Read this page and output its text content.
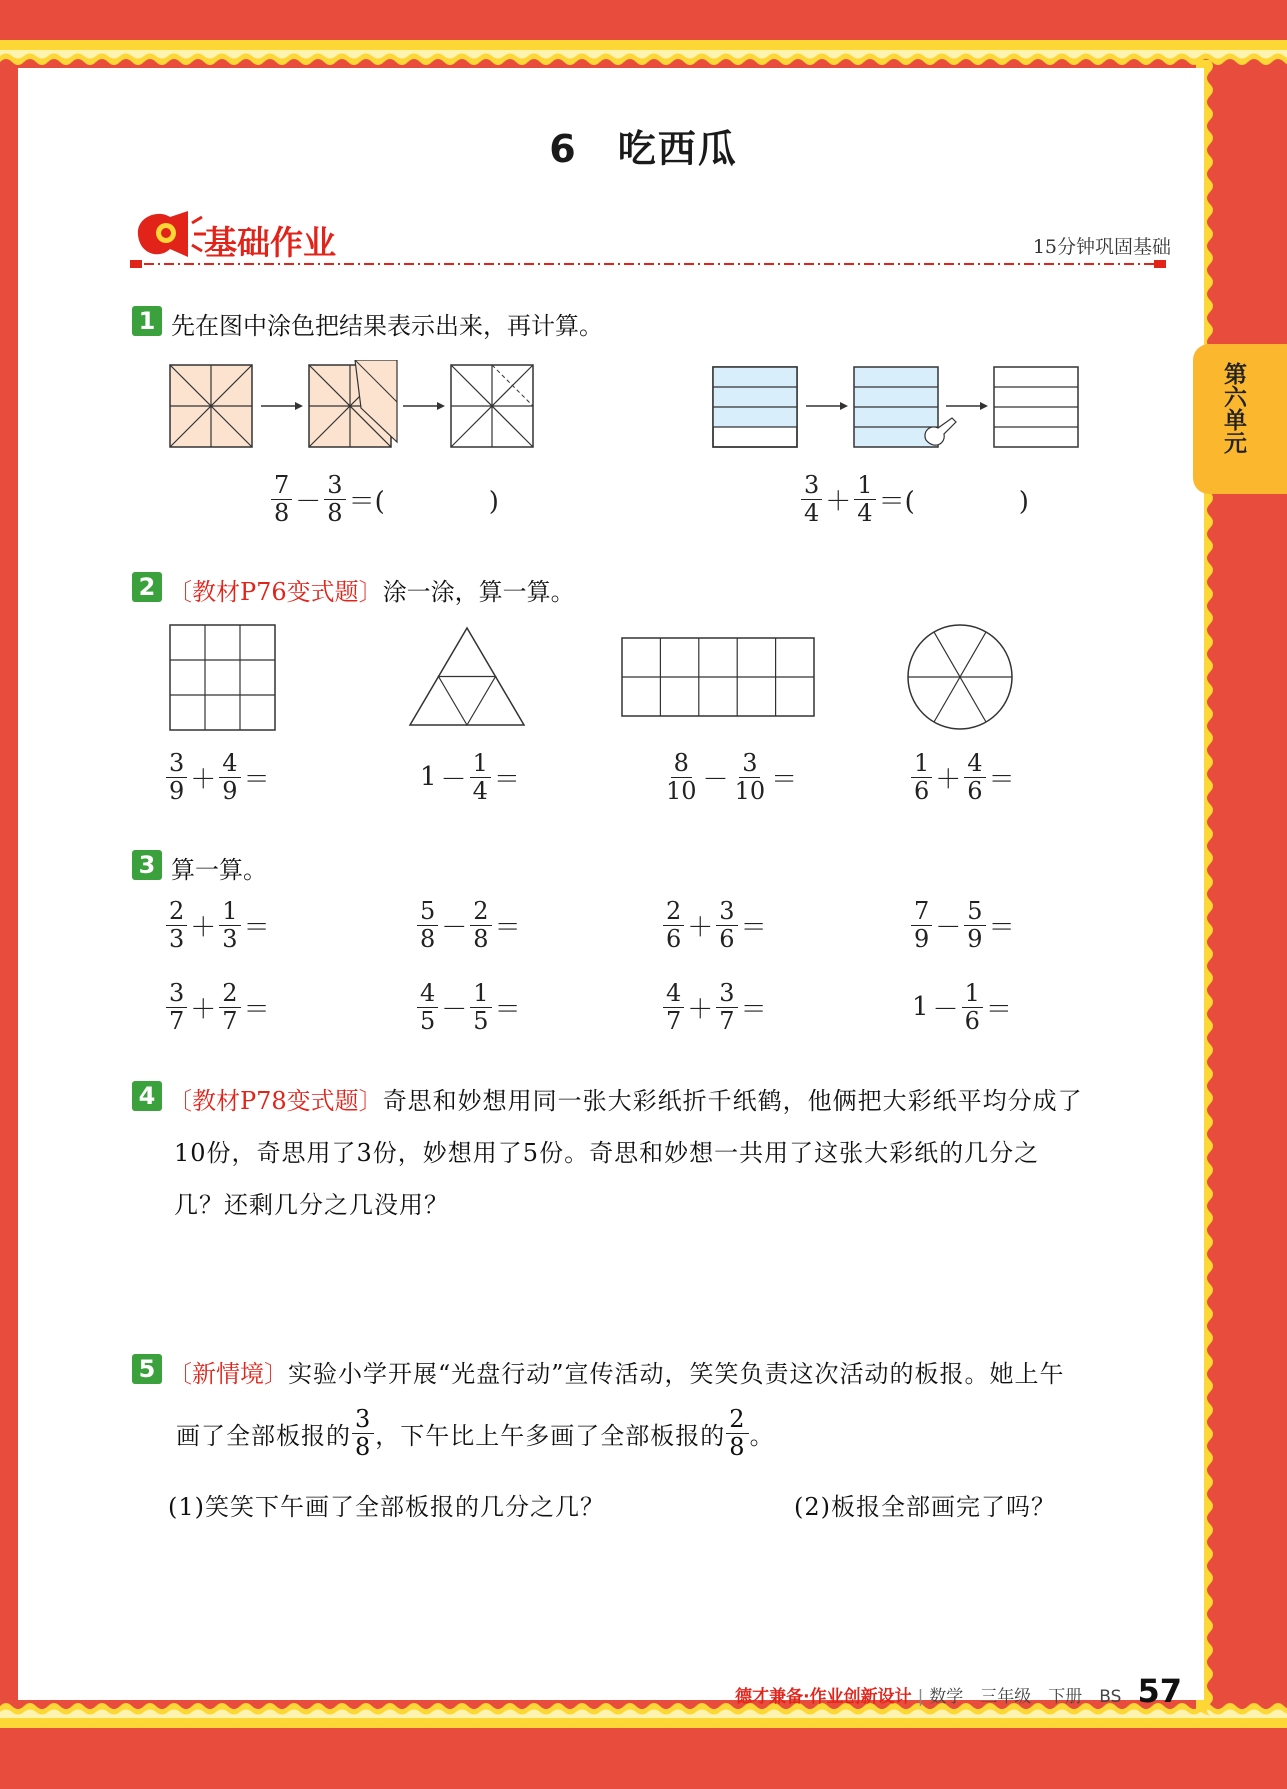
6　吃西瓜
基础作业	15分钟巩固基础
第六单元
1 先在图中涂色把结果表示出来，再计算。
$\frac{7}{8} - \frac{3}{8}$ ＝(　　　　)	$\frac{3}{4} + \frac{1}{4}$ ＝(　　　　)
2 〔教材P76变式题〕涂一涂，算一算。
$\frac{3}{9} + \frac{4}{9}$ ＝	$1 - \frac{1}{4}$ ＝	$\frac{8}{10} - \frac{3}{10}$ ＝	$\frac{1}{6} + \frac{4}{6}$ ＝
3 算一算。
$\frac{2}{3} + \frac{1}{3}$ ＝	$\frac{5}{8} - \frac{2}{8}$ ＝	$\frac{2}{6} + \frac{3}{6}$ ＝	$\frac{7}{9} - \frac{5}{9}$ ＝
$\frac{3}{7} + \frac{2}{7}$ ＝	$\frac{4}{5} - \frac{1}{5}$ ＝	$\frac{4}{7} + \frac{3}{7}$ ＝	$1 - \frac{1}{6}$ ＝
4 〔教材P78变式题〕奇思和妙想用同一张大彩纸折千纸鹤，他俩把大彩纸平均分成了
10份，奇思用了3份，妙想用了5份。奇思和妙想一共用了这张大彩纸的几分之
几？还剩几分之几没用？
5 〔新情境〕实验小学开展“光盘行动”宣传活动，笑笑负责这次活动的板报。她上午
画了全部板报的 $\frac{3}{8}$ ，下午比上午多画了全部板报的 $\frac{2}{8}$ 。
(1)笑笑下午画了全部板报的几分之几？	(2)板报全部画完了吗？
德才兼备·作业创新设计 | 数学　三年级　下册　BS 57
